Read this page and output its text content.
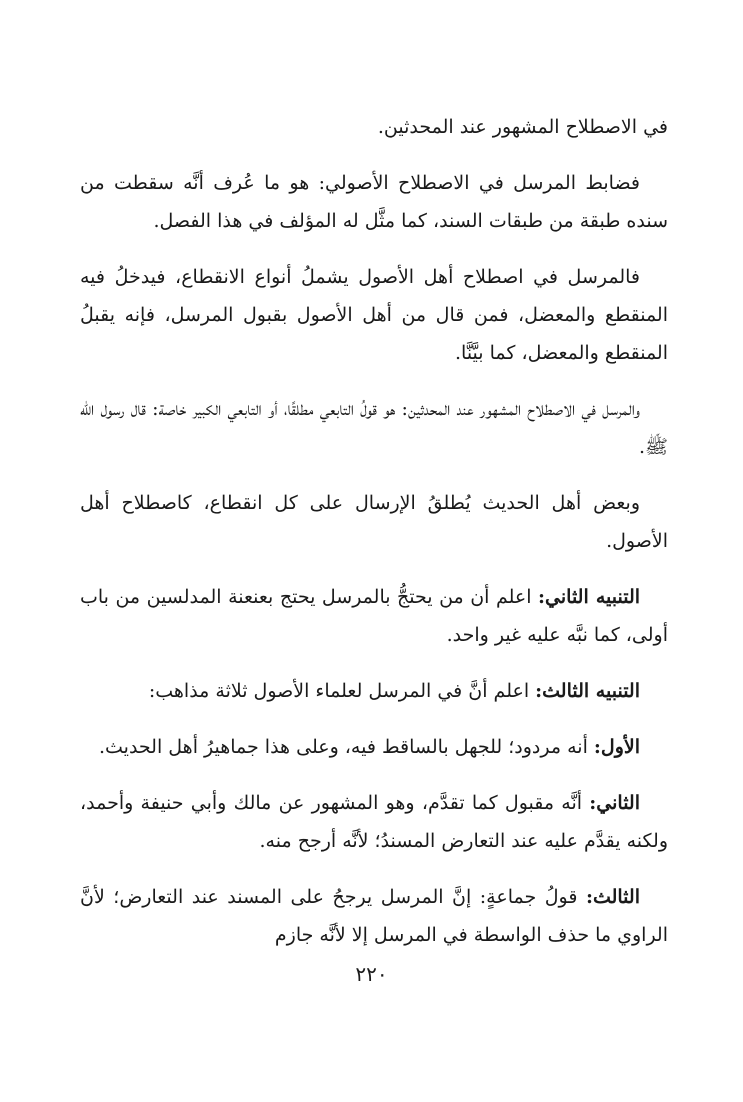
في الاصطلاح المشهور عند المحدثين.

فضابط المرسل في الاصطلاح الأصولي: هو ما عُرف أنَّه سقطت من سنده طبقة من طبقات السند، كما مثَّل له المؤلف في هذا الفصل.

فالمرسل في اصطلاح أهل الأصول يشملُ أنواع الانقطاع، فيدخلُ فيه المنقطع والمعضل، فمن قال من أهل الأصول بقبول المرسل، فإنه يقبلُ المنقطع والمعضل، كما بيَّنَّا.

والمرسل في الاصطلاح المشهور عند المحدثين: هو قولُ التابعي مطلقًا، أو التابعي الكبير خاصة: قال رسول الله ﷺ.

وبعض أهل الحديث يُطلقُ الإرسال على كل انقطاع، كاصطلاح أهل الأصول.

التنبيه الثاني: اعلم أن من يحتجُّ بالمرسل يحتج بعنعنة المدلسين من باب أولى، كما نبَّه عليه غير واحد.

التنبيه الثالث: اعلم أنَّ في المرسل لعلماء الأصول ثلاثة مذاهب:

الأول: أنه مردود؛ للجهل بالساقط فيه، وعلى هذا جماهيرُ أهل الحديث.

الثاني: أنَّه مقبول كما تقدَّم، وهو المشهور عن مالك وأبي حنيفة وأحمد، ولكنه يقدَّم عليه عند التعارض المسندُ؛ لأنَّه أرجح منه.

الثالث: قولُ جماعةٍ: إنَّ المرسل يرجحُ على المسند عند التعارض؛ لأنَّ الراوي ما حذف الواسطة في المرسل إلا لأنَّه جازم

٢٢٠
